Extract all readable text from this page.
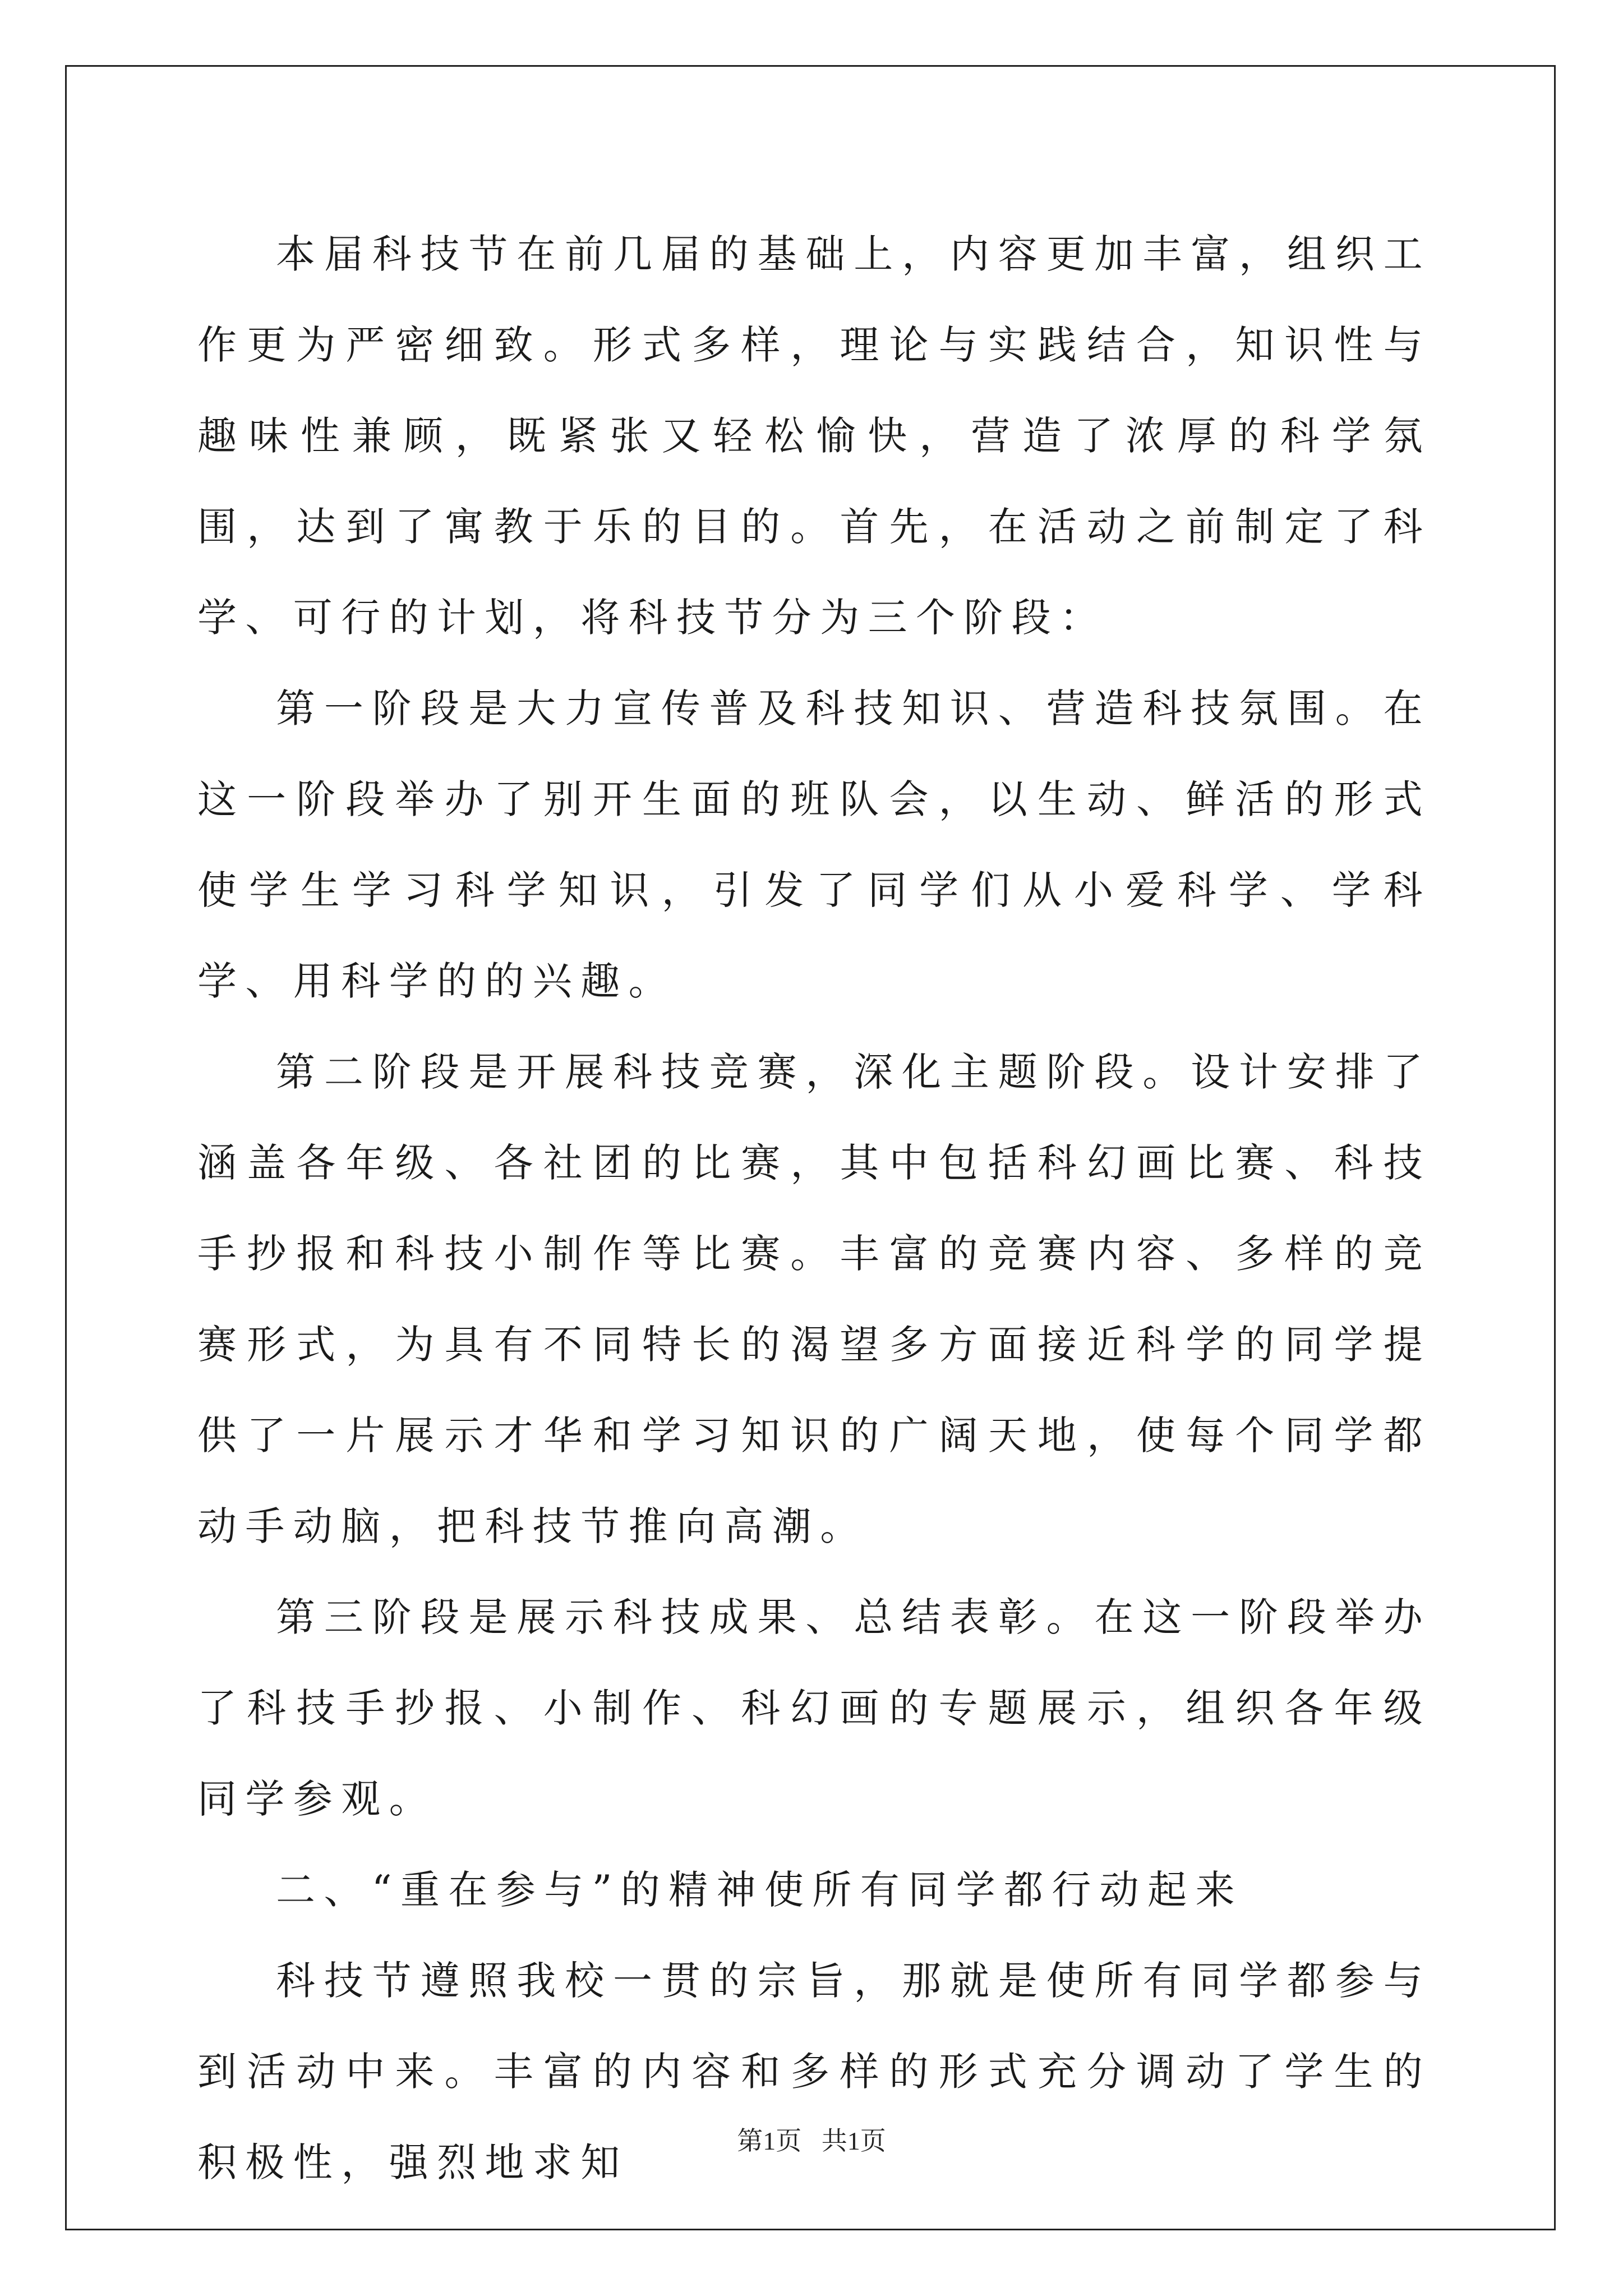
本届科技节在前几届的基础上，内容更加丰富，组织工作更为严密细致。形式多样，理论与实践结合，知识性与趣味性兼顾，既紧张又轻松愉快，营造了浓厚的科学氛围，达到了寓教于乐的目的。首先，在活动之前制定了科学、可行的计划，将科技节分为三个阶段：

第一阶段是大力宣传普及科技知识、营造科技氛围。在这一阶段举办了别开生面的班队会，以生动、鲜活的形式使学生学习科学知识，引发了同学们从小爱科学、学科学、用科学的的兴趣。

第二阶段是开展科技竞赛，深化主题阶段。设计安排了涵盖各年级、各社团的比赛，其中包括科幻画比赛、科技手抄报和科技小制作等比赛。丰富的竞赛内容、多样的竞赛形式，为具有不同特长的渴望多方面接近科学的同学提供了一片展示才华和学习知识的广阔天地，使每个同学都动手动脑，把科技节推向高潮。

第三阶段是展示科技成果、总结表彰。在这一阶段举办了科技手抄报、小制作、科幻画的专题展示，组织各年级同学参观。

二、“重在参与”的精神使所有同学都行动起来

科技节遵照我校一贯的宗旨，那就是使所有同学都参与到活动中来。丰富的内容和多样的形式充分调动了学生的积极性，强烈地求知	第1页 共1页
